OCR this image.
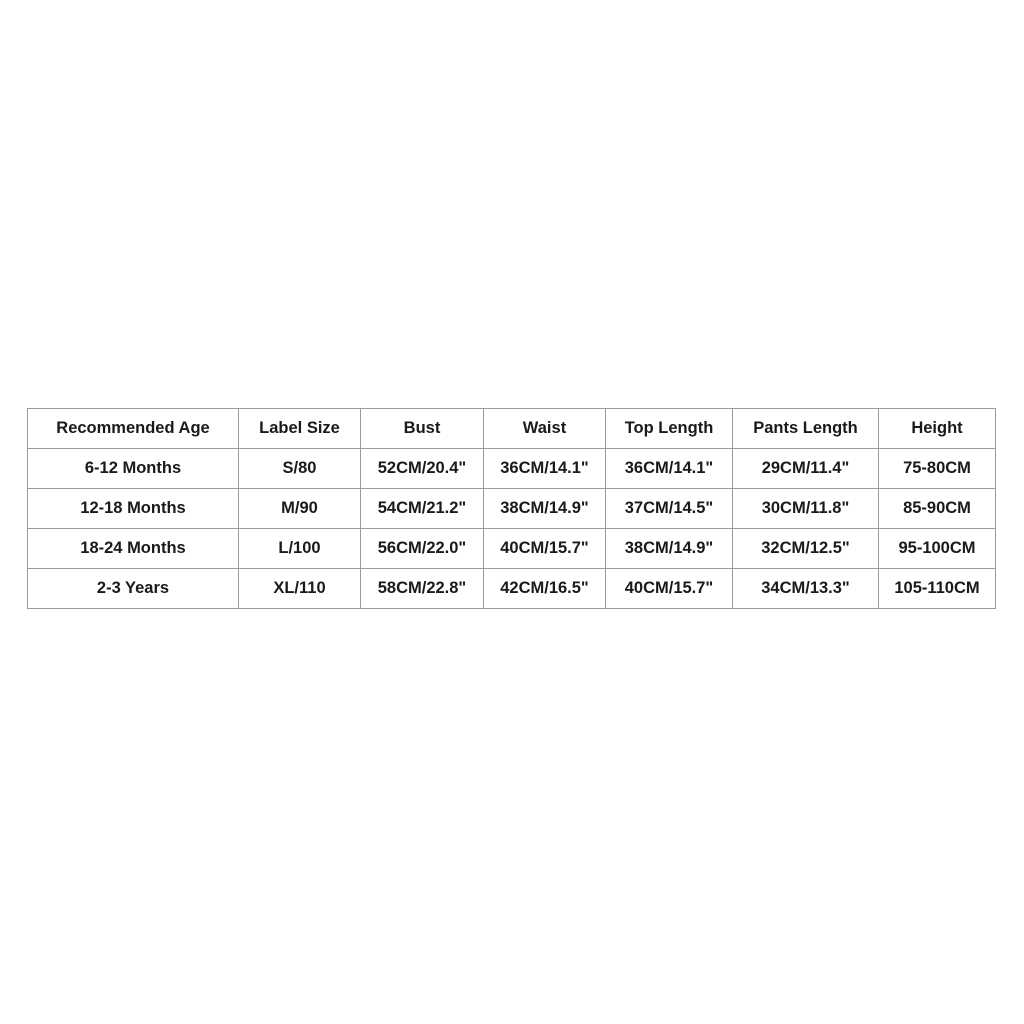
Recommended Age	Label Size	Bust	Waist	Top Length	Pants Length	Height
6-12 Months	S/80	52CM/20.4"	36CM/14.1"	36CM/14.1"	29CM/11.4"	75-80CM
12-18 Months	M/90	54CM/21.2"	38CM/14.9"	37CM/14.5"	30CM/11.8"	85-90CM
18-24 Months	L/100	56CM/22.0"	40CM/15.7"	38CM/14.9"	32CM/12.5"	95-100CM
2-3 Years	XL/110	58CM/22.8"	42CM/16.5"	40CM/15.7"	34CM/13.3"	105-110CM
